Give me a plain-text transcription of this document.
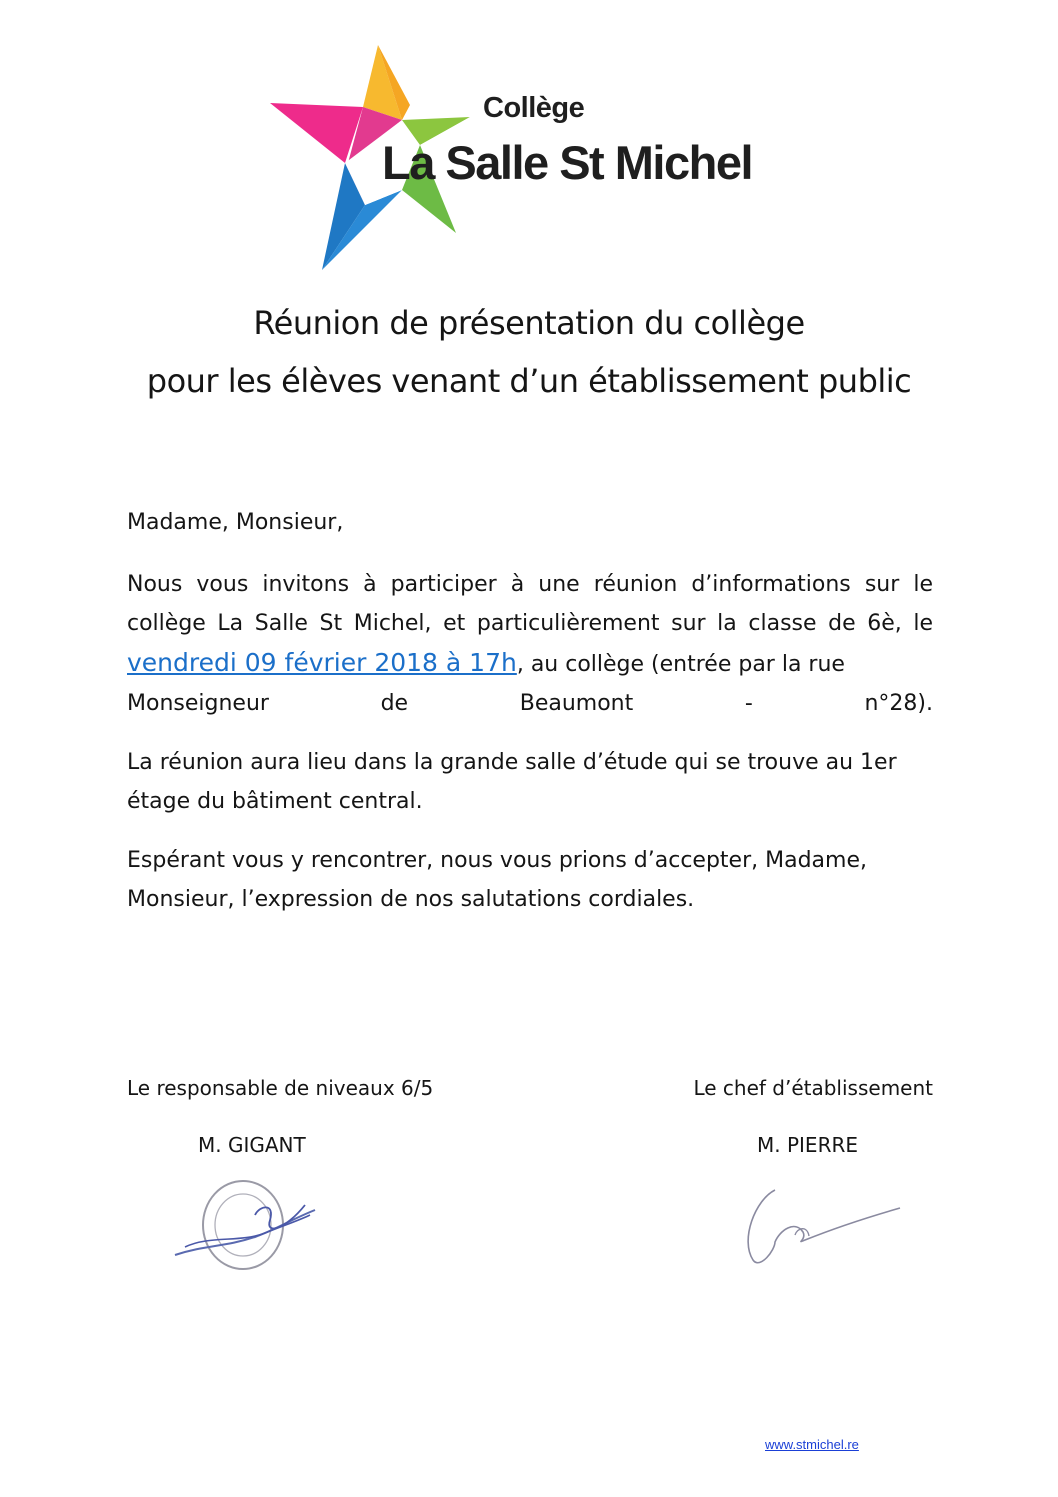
Collège
La Salle St Michel
Réunion de présentation du collège
pour les élèves venant d’un établissement public
Madame, Monsieur,
Nous vous invitons à participer à une réunion d’informations sur le
collège La Salle St Michel, et particulièrement sur la classe de 6è, le
vendredi 09 février 2018 à 17h, au collège (entrée par la rue
Monseigneur de Beaumont - n°28).
La réunion aura lieu dans la grande salle d’étude qui se trouve au 1er
étage du bâtiment central.
Espérant vous y rencontrer, nous vous prions d’accepter, Madame,
Monsieur, l’expression de nos salutations cordiales.
Le responsable de niveaux 6/5	Le chef d’établissement
M. GIGANT	M. PIERRE
www.stmichel.re
